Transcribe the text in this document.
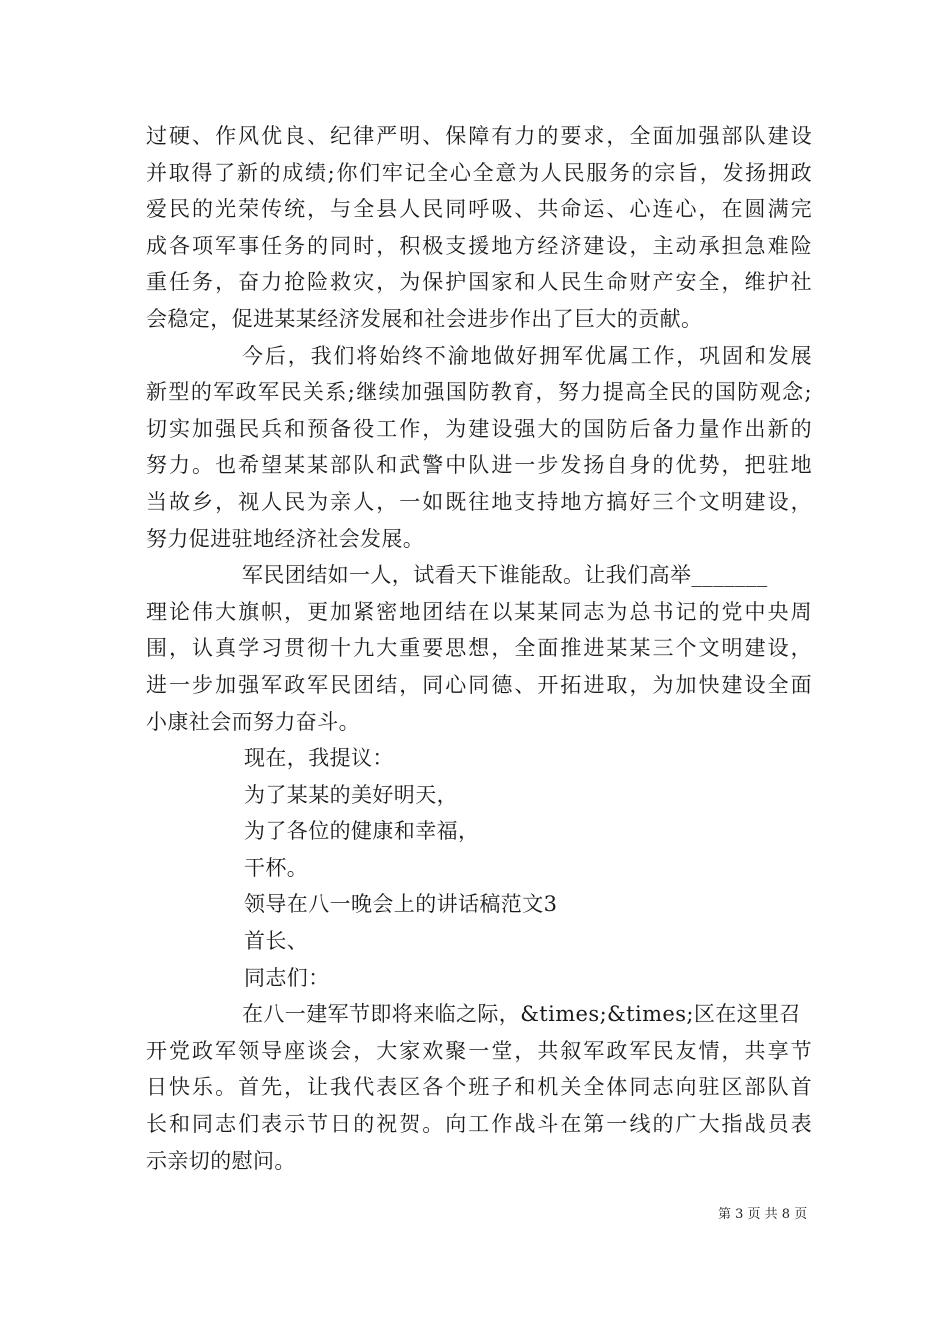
过硬、作风优良、纪律严明、保障有力的要求，全面加强部队建设
并取得了新的成绩;你们牢记全心全意为人民服务的宗旨，发扬拥政
爱民的光荣传统，与全县人民同呼吸、共命运、心连心，在圆满完
成各项军事任务的同时，积极支援地方经济建设，主动承担急难险
重任务，奋力抢险救灾，为保护国家和人民生命财产安全，维护社
会稳定，促进某某经济发展和社会进步作出了巨大的贡献。
今后，我们将始终不渝地做好拥军优属工作，巩固和发展
新型的军政军民关系;继续加强国防教育，努力提高全民的国防观念;
切实加强民兵和预备役工作，为建设强大的国防后备力量作出新的
努力。也希望某某部队和武警中队进一步发扬自身的优势，把驻地
当故乡，视人民为亲人，一如既往地支持地方搞好三个文明建设，
努力促进驻地经济社会发展。
军民团结如一人，试看天下谁能敌。让我们高举_______
理论伟大旗帜，更加紧密地团结在以某某同志为总书记的党中央周
围，认真学习贯彻十九大重要思想，全面推进某某三个文明建设，
进一步加强军政军民团结，同心同德、开拓进取，为加快建设全面
小康社会而努力奋斗。
现在，我提议：
为了某某的美好明天，
为了各位的健康和幸福，
干杯。
领导在八一晚会上的讲话稿范文3
首长、
同志们：
在八一建军节即将来临之际，&times;&times;区在这里召
开党政军领导座谈会，大家欢聚一堂，共叙军政军民友情，共享节
日快乐。首先，让我代表区各个班子和机关全体同志向驻区部队首
长和同志们表示节日的祝贺。向工作战斗在第一线的广大指战员表
示亲切的慰问。
第 3 页 共 8 页
